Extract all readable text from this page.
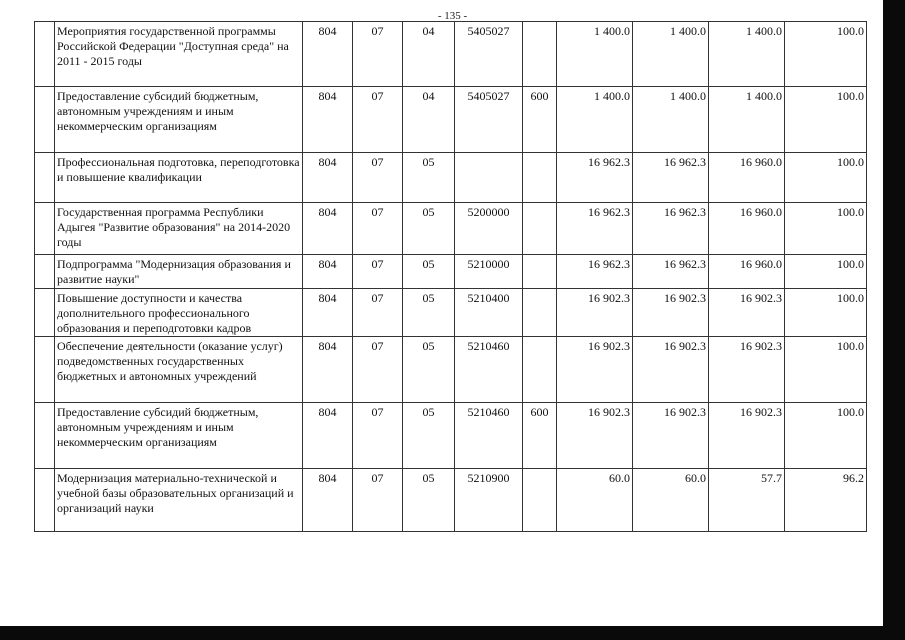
- 135 -
	Мероприятия государственной программы Российской Федерации "Доступная среда" на 2011 - 2015 годы	804	07	04	5405027		1 400.0	1 400.0	1 400.0	100.0
	Предоставление субсидий бюджетным, автономным учреждениям и иным некоммерческим организациям	804	07	04	5405027	600	1 400.0	1 400.0	1 400.0	100.0
	Профессиональная подготовка, переподготовка и повышение квалификации	804	07	05			16 962.3	16 962.3	16 960.0	100.0
	Государственная программа Республики Адыгея "Развитие образования" на 2014-2020 годы	804	07	05	5200000		16 962.3	16 962.3	16 960.0	100.0
	Подпрограмма "Модернизация образования и развитие науки"	804	07	05	5210000		16 962.3	16 962.3	16 960.0	100.0
	Повышение доступности и качества дополнительного профессионального образования и переподготовки кадров	804	07	05	5210400		16 902.3	16 902.3	16 902.3	100.0
	Обеспечение деятельности (оказание услуг) подведомственных государственных бюджетных и автономных учреждений	804	07	05	5210460		16 902.3	16 902.3	16 902.3	100.0
	Предоставление субсидий бюджетным, автономным учреждениям и иным некоммерческим организациям	804	07	05	5210460	600	16 902.3	16 902.3	16 902.3	100.0
	Модернизация материально-технической и учебной базы образовательных организаций и организаций науки	804	07	05	5210900		60.0	60.0	57.7	96.2
